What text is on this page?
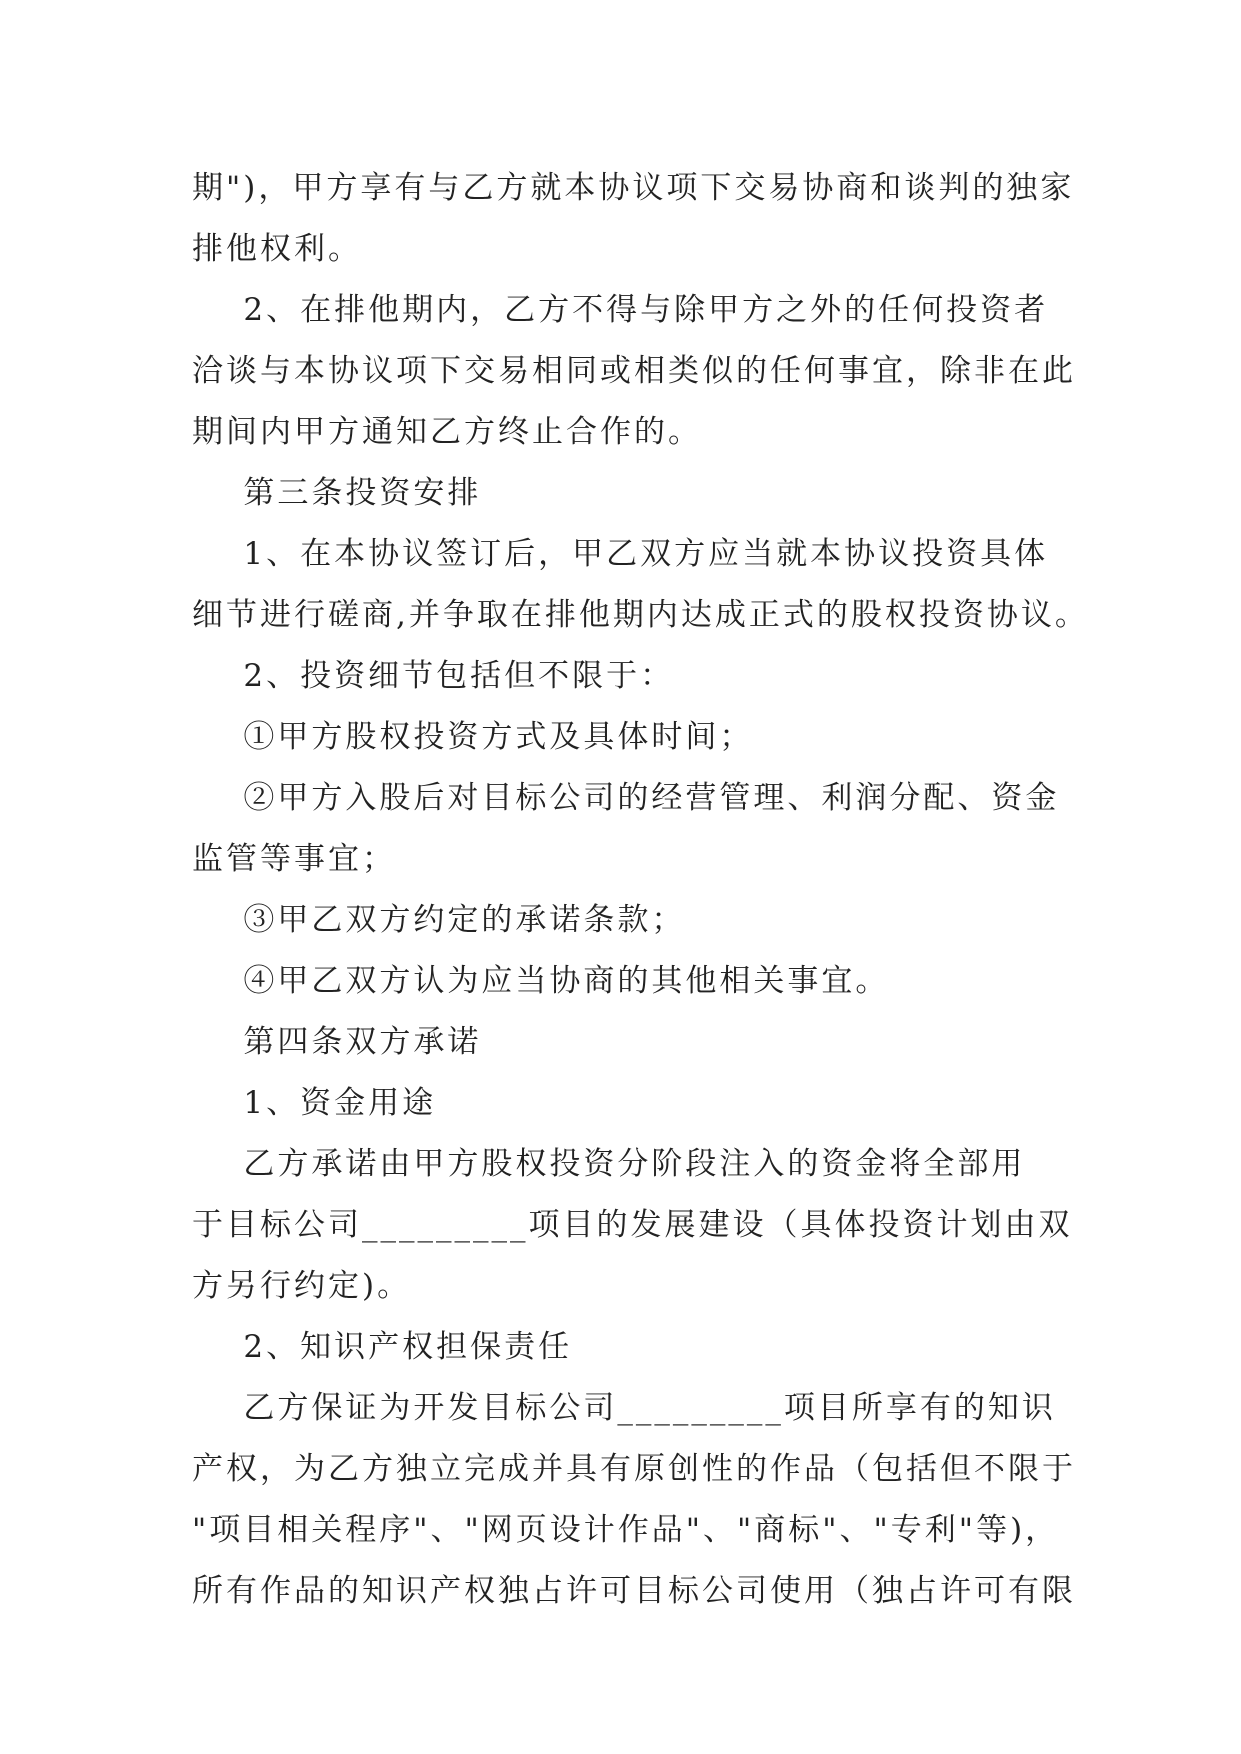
期")，甲方享有与乙方就本协议项下交易协商和谈判的独家
排他权利。
2、在排他期内，乙方不得与除甲方之外的任何投资者
洽谈与本协议项下交易相同或相类似的任何事宜，除非在此
期间内甲方通知乙方终止合作的。
第三条投资安排
1、在本协议签订后，甲乙双方应当就本协议投资具体
细节进行磋商,并争取在排他期内达成正式的股权投资协议。
2、投资细节包括但不限于：
①甲方股权投资方式及具体时间；
②甲方入股后对目标公司的经营管理、利润分配、资金
监管等事宜；
③甲乙双方约定的承诺条款；
④甲乙双方认为应当协商的其他相关事宜。
第四条双方承诺
1、资金用途
乙方承诺由甲方股权投资分阶段注入的资金将全部用
于目标公司_________项目的发展建设（具体投资计划由双
方另行约定)。
2、知识产权担保责任
乙方保证为开发目标公司_________项目所享有的知识
产权，为乙方独立完成并具有原创性的作品（包括但不限于
"项目相关程序"、"网页设计作品"、"商标"、"专利"等)，
所有作品的知识产权独占许可目标公司使用（独占许可有限
